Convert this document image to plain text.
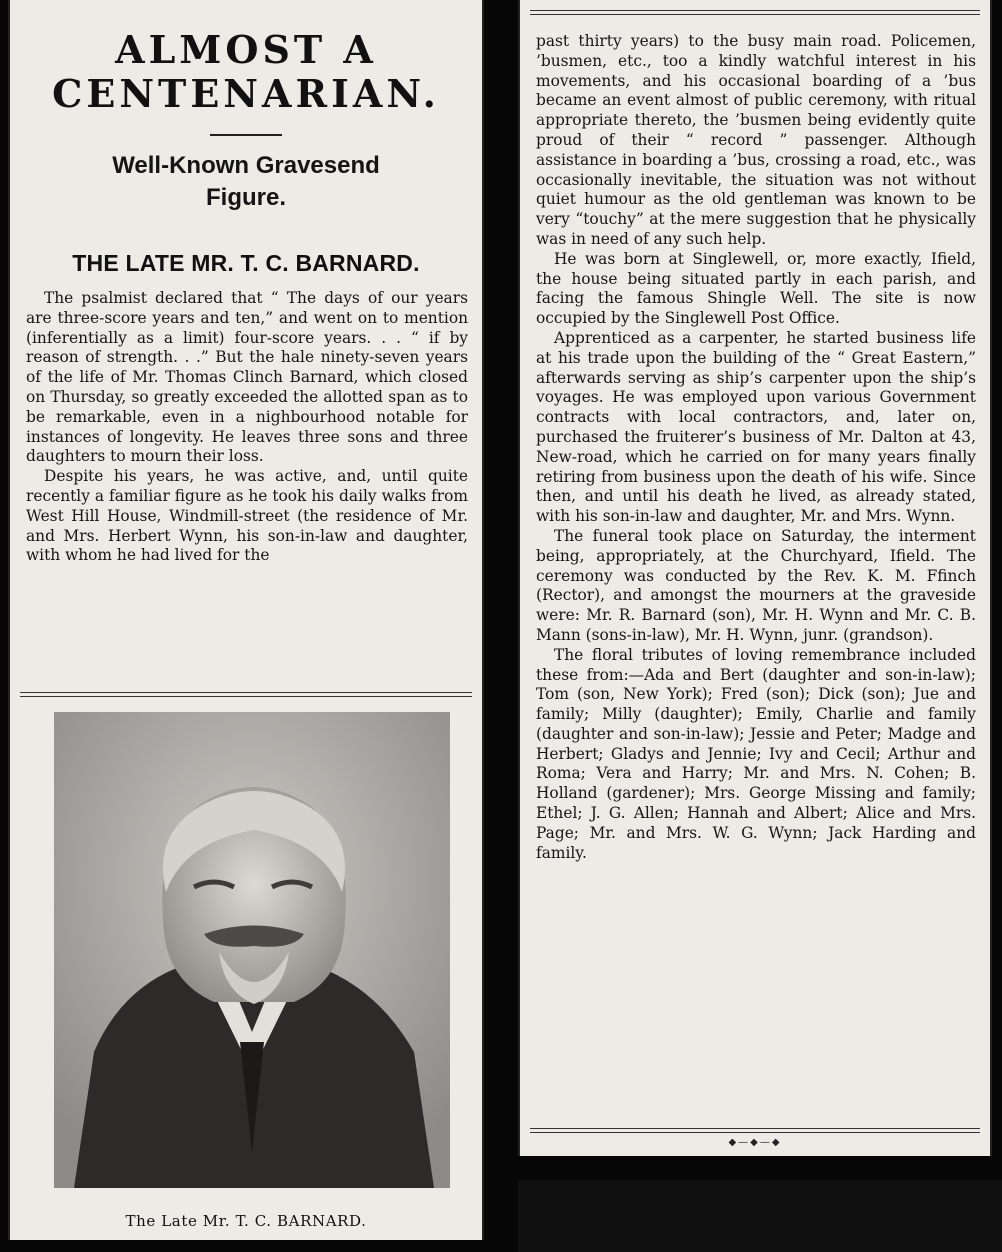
ALMOST A
CENTENARIAN.
Well-Known Gravesend
Figure.
THE LATE MR. T. C. BARNARD.

The psalmist declared that “ The days of our years are three-score years and ten,” and went on to mention (inferentially as a limit) four-score years. . . “ if by reason of strength. . .” But the hale ninety-seven years of the life of Mr. Thomas Clinch Barnard, which closed on Thursday, so greatly exceeded the allotted span as to be remarkable, even in a nighbourhood notable for instances of longevity. He leaves three sons and three daughters to mourn their loss.

Despite his years, he was active, and, until quite recently a familiar figure as he took his daily walks from West Hill House, Windmill-street (the residence of Mr. and Mrs. Herbert Wynn, his son-in-law and daughter, with whom he had lived for the

The Late Mr. T. C. BARNARD.

past thirty years) to the busy main road. Policemen, ’busmen, etc., too a kindly watchful interest in his movements, and his occasional boarding of a ’bus became an event almost of public ceremony, with ritual appropriate thereto, the ’busmen being evidently quite proud of their “ record ” passenger. Although assistance in boarding a ’bus, crossing a road, etc., was occasionally inevitable, the situation was not without quiet humour as the old gentleman was known to be very “touchy” at the mere suggestion that he physically was in need of any such help.

He was born at Singlewell, or, more exactly, Ifield, the house being situated partly in each parish, and facing the famous Shingle Well. The site is now occupied by the Singlewell Post Office.

Apprenticed as a carpenter, he started business life at his trade upon the building of the “ Great Eastern,” afterwards serving as ship’s carpenter upon the ship’s voyages. He was employed upon various Government contracts with local contractors, and, later on, purchased the fruiterer’s business of Mr. Dalton at 43, New-road, which he carried on for many years finally retiring from business upon the death of his wife. Since then, and until his death he lived, as already stated, with his son-in-law and daughter, Mr. and Mrs. Wynn.

The funeral took place on Saturday, the interment being, appropriately, at the Churchyard, Ifield. The ceremony was conducted by the Rev. K. M. Ffinch (Rector), and amongst the mourners at the graveside were: Mr. R. Barnard (son), Mr. H. Wynn and Mr. C. B. Mann (sons-in-law), Mr. H. Wynn, junr. (grandson).

The floral tributes of loving remembrance included these from:—Ada and Bert (daughter and son-in-law); Tom (son, New York); Fred (son); Dick (son); Jue and family; Milly (daughter); Emily, Charlie and family (daughter and son-in-law); Jessie and Peter; Madge and Herbert; Gladys and Jennie; Ivy and Cecil; Arthur and Roma; Vera and Harry; Mr. and Mrs. N. Cohen; B. Holland (gardener); Mrs. George Missing and family; Ethel; J. G. Allen; Hannah and Albert; Alice and Mrs. Page; Mr. and Mrs. W. G. Wynn; Jack Harding and family.

◆—◆—◆
